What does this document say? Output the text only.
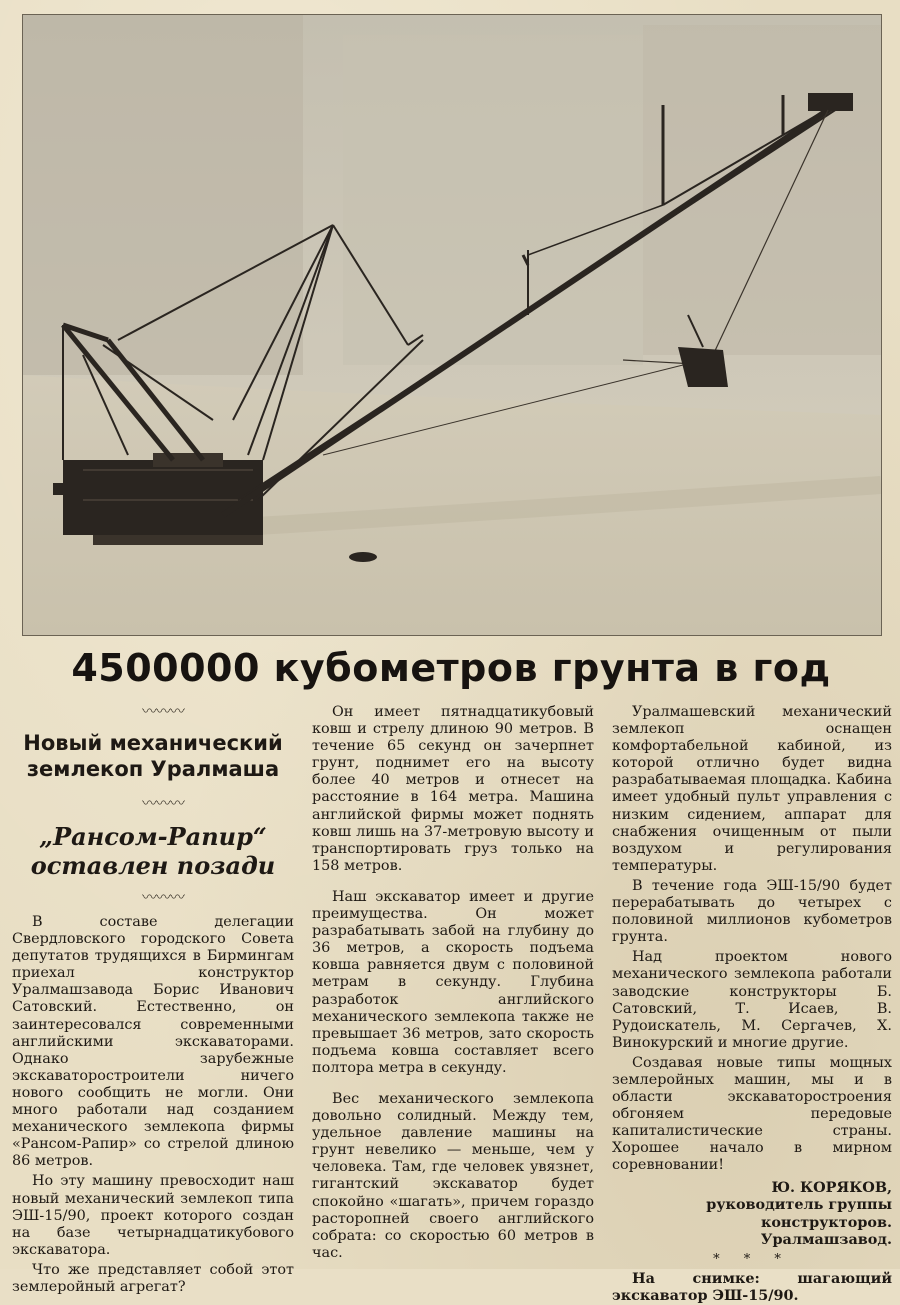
4500000 кубометров грунта в год

〰〰〰

Новый механический землекоп Уралмаша

〰〰〰

„Рансом-Рапир“ оставлен позади

〰〰〰

В составе делегации Свердловского городского Совета депутатов трудящихся в Бирмингам приехал конструктор Уралмашзавода Борис Иванович Сатовский. Естественно, он заинтересовался современными английскими экскаваторами. Однако зарубежные экскаваторостроители ничего нового сообщить не могли. Они много работали над созданием механического землекопа фирмы «Рансом-Рапир» со стрелой длиною 86 метров.

Но эту машину превосходит наш новый механический землекоп типа ЭШ-15/90, проект которого создан на базе четырнадцатикубового экскаватора.

Что же представляет собой этот землеройный агрегат?

Он имеет пятнадцатикубовый ковш и стрелу длиною 90 метров. В течение 65 секунд он зачерпнет грунт, поднимет его на высоту более 40 метров и отнесет на расстояние в 164 метра. Машина английской фирмы может поднять ковш лишь на 37-метровую высоту и транспортировать груз только на 158 метров.

Наш экскаватор имеет и другие преимущества. Он может разрабатывать забой на глубину до 36 метров, а скорость подъема ковша равняется двум с половиной метрам в секунду. Глубина разработок английского механического землекопа также не превышает 36 метров, зато скорость подъема ковша составляет всего полтора метра в секунду.

Вес механического землекопа довольно солидный. Между тем, удельное давление машины на грунт невелико — меньше, чем у человека. Там, где человек увязнет, гигантский экскаватор будет спокойно «шагать», причем гораздо расторопней своего английского собрата: со скоростью 60 метров в час.

Уралмашевский механический землекоп оснащен комфортабельной кабиной, из которой отлично будет видна разрабатываемая площадка. Кабина имеет удобный пульт управления с низким сидением, аппарат для снабжения очищенным от пыли воздухом и регулирования температуры.

В течение года ЭШ-15/90 будет перерабатывать до четырех с половиной миллионов кубометров грунта.

Над проектом нового механического землекопа работали заводские конструкторы Б. Сатовский, Т. Исаев, В. Рудоискатель, М. Сергачев, Х. Винокурский и многие другие.

Создавая новые типы мощных землеройных машин, мы и в области экскаваторостроения обгоняем передовые капиталистические страны. Хорошее начало в мирном соревновании!

Ю. КОРЯКОВ,
руководитель группы
конструкторов.
Уралмашзавод.
* * *
На снимке: шагающий экскаватор ЭШ-15/90.
